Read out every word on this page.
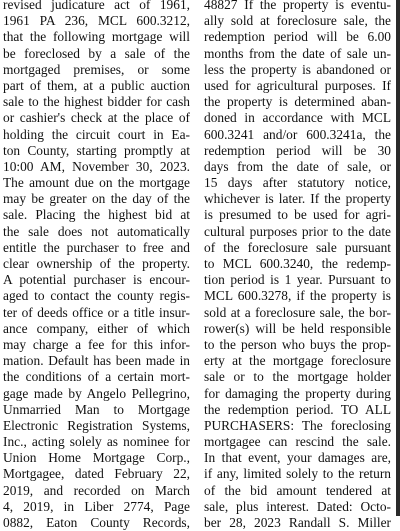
revised judicature act of 1961,
1961 PA 236, MCL 600.3212,
that the following mortgage will
be foreclosed by a sale of the
mortgaged premises, or some
part of them, at a public auction
sale to the highest bidder for cash
or cashier's check at the place of
holding the circuit court in Ea-
ton County, starting promptly at
10:00 AM, November 30, 2023.
The amount due on the mortgage
may be greater on the day of the
sale. Placing the highest bid at
the sale does not automatically
entitle the purchaser to free and
clear ownership of the property.
A potential purchaser is encour-
aged to contact the county regis-
ter of deeds office or a title insur-
ance company, either of which
may charge a fee for this infor-
mation. Default has been made in
the conditions of a certain mort-
gage made by Angelo Pellegrino,
Unmarried Man to Mortgage
Electronic Registration Systems,
Inc., acting solely as nominee for
Union Home Mortgage Corp.,
Mortgagee, dated February 22,
2019, and recorded on March
4, 2019, in Liber 2774, Page
0882, Eaton County Records,
48827 If the property is eventu-
ally sold at foreclosure sale, the
redemption period will be 6.00
months from the date of sale un-
less the property is abandoned or
used for agricultural purposes. If
the property is determined aban-
doned in accordance with MCL
600.3241 and/or 600.3241a, the
redemption period will be 30
days from the date of sale, or
15 days after statutory notice,
whichever is later. If the property
is presumed to be used for agri-
cultural purposes prior to the date
of the foreclosure sale pursuant
to MCL 600.3240, the redemp-
tion period is 1 year. Pursuant to
MCL 600.3278, if the property is
sold at a foreclosure sale, the bor-
rower(s) will be held responsible
to the person who buys the prop-
erty at the mortgage foreclosure
sale or to the mortgage holder
for damaging the property during
the redemption period. TO ALL
PURCHASERS: The foreclosing
mortgagee can rescind the sale.
In that event, your damages are,
if any, limited solely to the return
of the bid amount tendered at
sale, plus interest. Dated: Octo-
ber 28, 2023 Randall S. Miller
